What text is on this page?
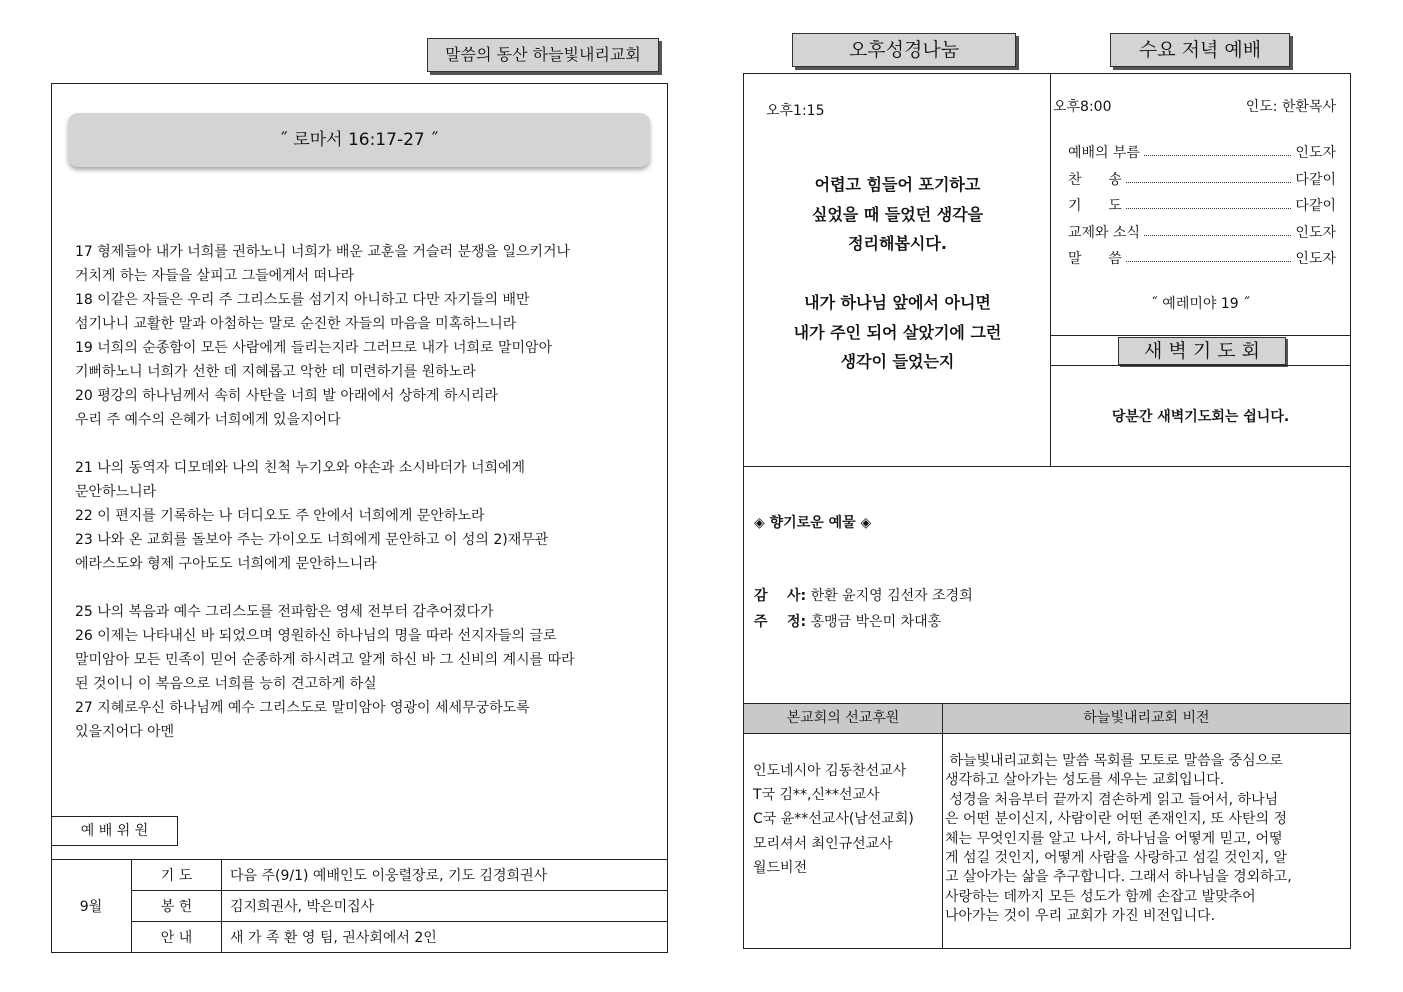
말씀의 동산 하늘빛내리교회
˝ 로마서 16:17-27 ˝
17 형제들아 내가 너희를 권하노니 너희가 배운 교훈을 거슬러 분쟁을 일으키거나
거치게 하는 자들을 살피고 그들에게서 떠나라
18 이같은 자들은 우리 주 그리스도를 섬기지 아니하고 다만 자기들의 배만
섬기나니 교활한 말과 아첨하는 말로 순진한 자들의 마음을 미혹하느니라
19 너희의 순종함이 모든 사람에게 들리는지라 그러므로 내가 너희로 말미암아
기뻐하노니 너희가 선한 데 지혜롭고 악한 데 미련하기를 원하노라
20 평강의 하나님께서 속히 사탄을 너희 발 아래에서 상하게 하시리라
우리 주 예수의 은혜가 너희에게 있을지어다
21 나의 동역자 디모데와 나의 친척 누기오와 야손과 소시바더가 너희에게
문안하느니라
22 이 편지를 기록하는 나 더디오도 주 안에서 너희에게 문안하노라
23 나와 온 교회를 돌보아 주는 가이오도 너희에게 문안하고 이 성의 2)재무관
에라스도와 형제 구아도도 너희에게 문안하느니라
25 나의 복음과 예수 그리스도를 전파함은 영세 전부터 감추어졌다가
26 이제는 나타내신 바 되었으며 영원하신 하나님의 명을 따라 선지자들의 글로
말미암아 모든 민족이 믿어 순종하게 하시려고 알게 하신 바 그 신비의 계시를 따라
된 것이니 이 복음으로 너희를 능히 견고하게 하실
27 지혜로우신 하나님께 예수 그리스도로 말미암아 영광이 세세무궁하도록
있을지어다 아멘
예 배 위 원
9월	기 도	다음 주(9/1) 예배인도 이웅렬장로, 기도 김경희권사
	봉 헌	김지희권사, 박은미집사
	안 내	새 가 족 환 영 팀, 권사회에서 2인
오후성경나눔	수요 저녁 예배
오후1:15
어렵고 힘들어 포기하고
싶었을 때 들었던 생각을
정리해봅시다.
내가 하나님 앞에서 아니면
내가 주인 되어 살았기에 그런
생각이 들었는지
오후8:00	인도: 한환목사
예배의 부름	인도자
찬      송	다같이
기      도	다같이
교제와 소식	인도자
말      씀	인도자
˝ 예레미야 19 ˝
새 벽 기 도 회
당분간 새벽기도회는 쉽니다.
◈ 향기로운 예물 ◈
감    사: 한환 윤지영 김선자 조경희
주    정: 홍맹금 박은미 차대홍
본교회의 선교후원	하늘빛내리교회 비전
인도네시아 김동찬선교사
T국 김**,신**선교사
C국 윤**선교사(남선교회)
모리셔서 최인규선교사
월드비전
하늘빛내리교회는 말씀 목회를 모토로 말씀을 중심으로
생각하고 살아가는 성도를 세우는 교회입니다.
성경을 처음부터 끝까지 겸손하게 읽고 들어서, 하나님
은 어떤 분이신지, 사람이란 어떤 존재인지, 또 사탄의 정
체는 무엇인지를 알고 나서, 하나님을 어떻게 믿고, 어떻
게 섬길 것인지, 어떻게 사람을 사랑하고 섬길 것인지, 알
고 살아가는 삶을 추구합니다. 그래서 하나님을 경외하고,
사랑하는 데까지 모든 성도가 함께 손잡고 발맞추어
나아가는 것이 우리 교회가 가진 비전입니다.
